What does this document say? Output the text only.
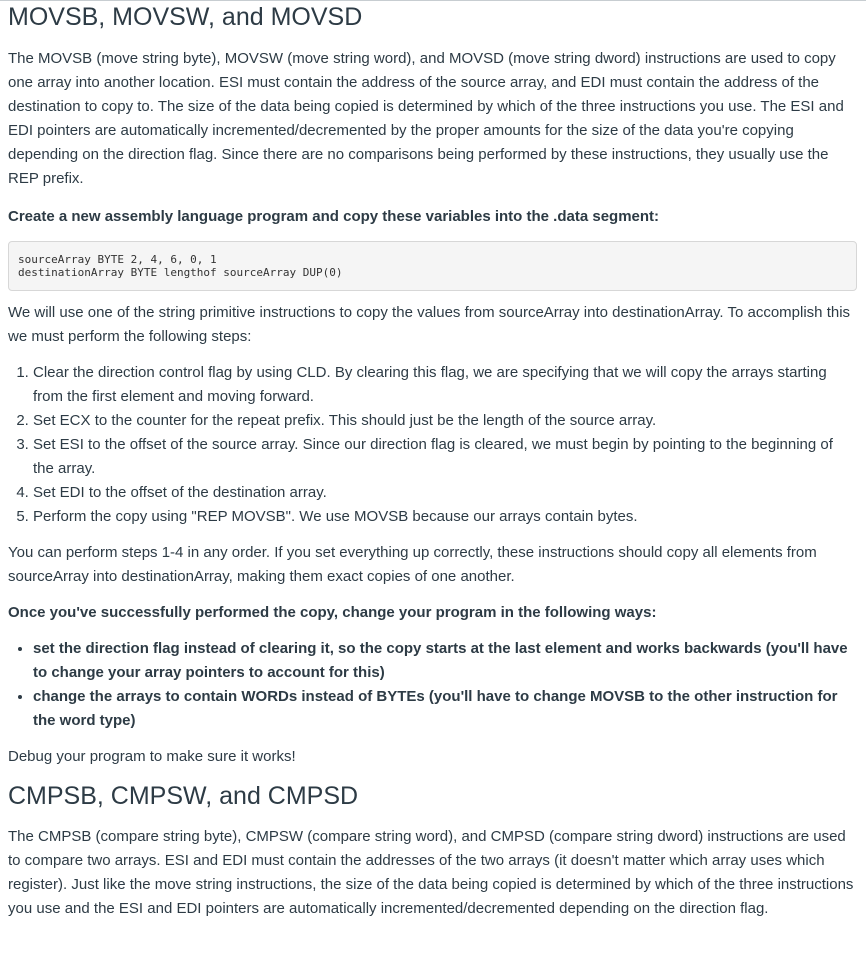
MOVSB, MOVSW, and MOVSD

The MOVSB (move string byte), MOVSW (move string word), and MOVSD (move string dword) instructions are used to copy one array into another location. ESI must contain the address of the source array, and EDI must contain the address of the destination to copy to. The size of the data being copied is determined by which of the three instructions you use. The ESI and EDI pointers are automatically incremented/decremented by the proper amounts for the size of the data you're copying depending on the direction flag. Since there are no comparisons being performed by these instructions, they usually use the REP prefix.

Create a new assembly language program and copy these variables into the .data segment:

sourceArray BYTE 2, 4, 6, 0, 1
destinationArray BYTE lengthof sourceArray DUP(0)

We will use one of the string primitive instructions to copy the values from sourceArray into destinationArray. To accomplish this we must perform the following steps:

1. Clear the direction control flag by using CLD. By clearing this flag, we are specifying that we will copy the arrays starting from the first element and moving forward.
2. Set ECX to the counter for the repeat prefix. This should just be the length of the source array.
3. Set ESI to the offset of the source array. Since our direction flag is cleared, we must begin by pointing to the beginning of the array.
4. Set EDI to the offset of the destination array.
5. Perform the copy using "REP MOVSB". We use MOVSB because our arrays contain bytes.

You can perform steps 1-4 in any order. If you set everything up correctly, these instructions should copy all elements from sourceArray into destinationArray, making them exact copies of one another.

Once you've successfully performed the copy, change your program in the following ways:

• set the direction flag instead of clearing it, so the copy starts at the last element and works backwards (you'll have to change your array pointers to account for this)
• change the arrays to contain WORDs instead of BYTEs (you'll have to change MOVSB to the other instruction for the word type)

Debug your program to make sure it works!

CMPSB, CMPSW, and CMPSD

The CMPSB (compare string byte), CMPSW (compare string word), and CMPSD (compare string dword) instructions are used to compare two arrays. ESI and EDI must contain the addresses of the two arrays (it doesn't matter which array uses which register). Just like the move string instructions, the size of the data being copied is determined by which of the three instructions you use and the ESI and EDI pointers are automatically incremented/decremented depending on the direction flag.
